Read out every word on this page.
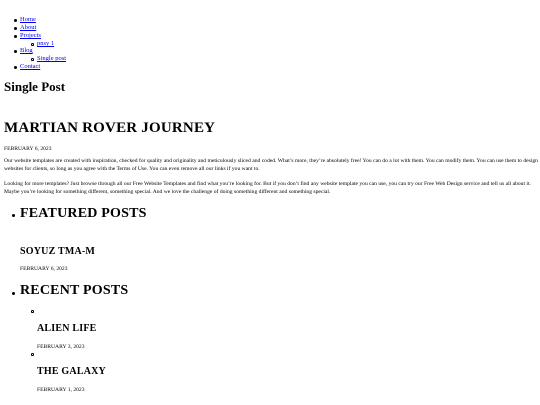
Home
About
Projects
pnsy 1
Blog
Single post
Contact
Single Post
MARTIAN ROVER JOURNEY
FEBRUARY 6, 2023
Our website templates are created with inspiration, checked for quality and originality and meticulously sliced and coded. What’s more, they’re absolutely free! You can do a lot with them. You can modify them. You can use them to design websites for clients, so long as you agree with the Terms of Use. You can even remove all our links if you want to.
Looking for more templates? Just browse through all our Free Website Templates and find what you’re looking for. But if you don’t find any website template you can use, you can try our Free Web Design service and tell us all about it. Maybe you’re looking for something different, something special. And we love the challenge of doing something different and something special.
FEATURED POSTS
SOYUZ TMA-M
FEBRUARY 6, 2023
RECENT POSTS
ALIEN LIFE
FEBRUARY 3, 2023
THE GALAXY
FEBRUARY 1, 2023
